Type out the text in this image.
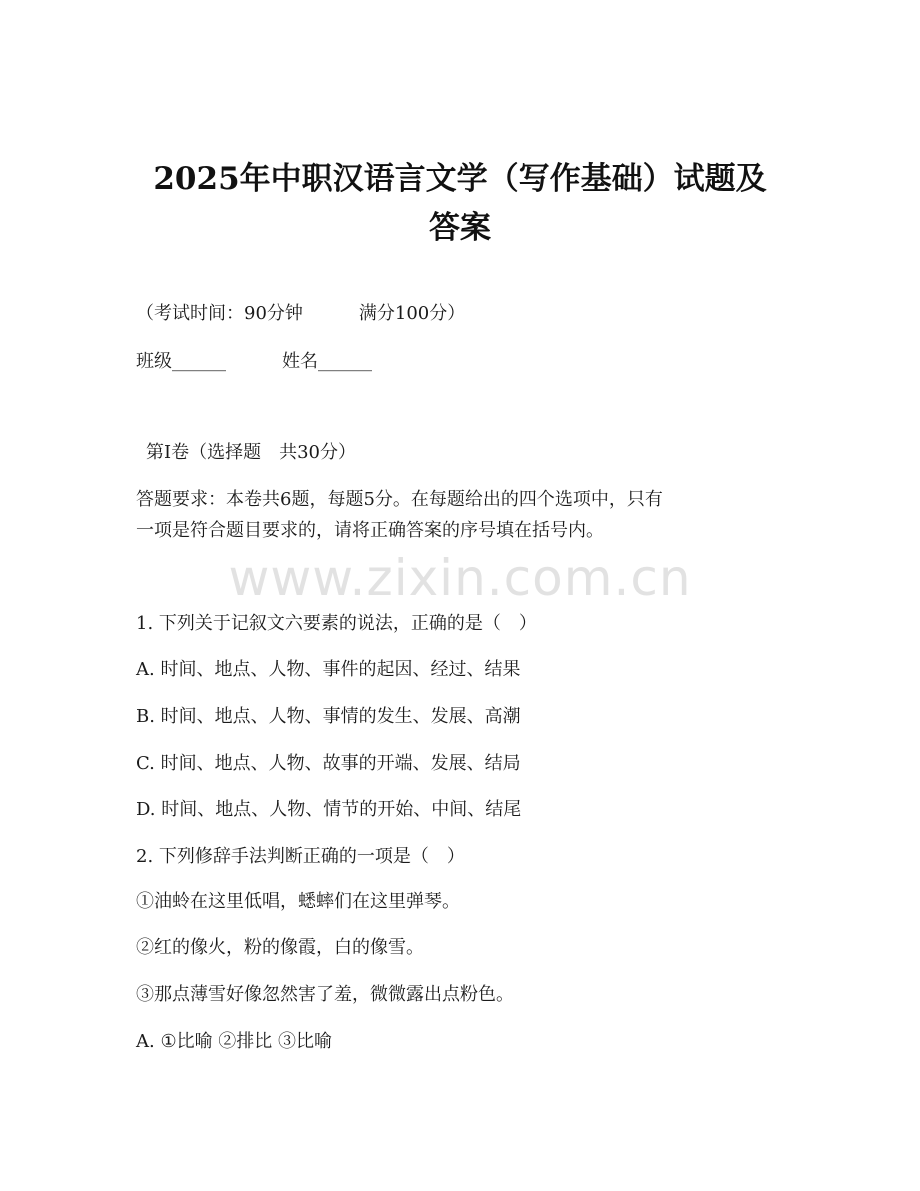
2025年中职汉语言文学（写作基础）试题及
答案

（考试时间：90分钟	满分100分）

班级______	姓名______

第Ⅰ卷（选择题　共30分）

答题要求：本卷共6题，每题5分。在每题给出的四个选项中，只有

一项是符合题目要求的，请将正确答案的序号填在括号内。

www.zixin.com.cn

1. 下列关于记叙文六要素的说法，正确的是（　）

A. 时间、地点、人物、事件的起因、经过、结果

B. 时间、地点、人物、事情的发生、发展、高潮

C. 时间、地点、人物、故事的开端、发展、结局

D. 时间、地点、人物、情节的开始、中间、结尾

2. 下列修辞手法判断正确的一项是（　）

①油蛉在这里低唱，蟋蟀们在这里弹琴。

②红的像火，粉的像霞，白的像雪。

③那点薄雪好像忽然害了羞，微微露出点粉色。

A. ①比喻 ②排比 ③比喻
